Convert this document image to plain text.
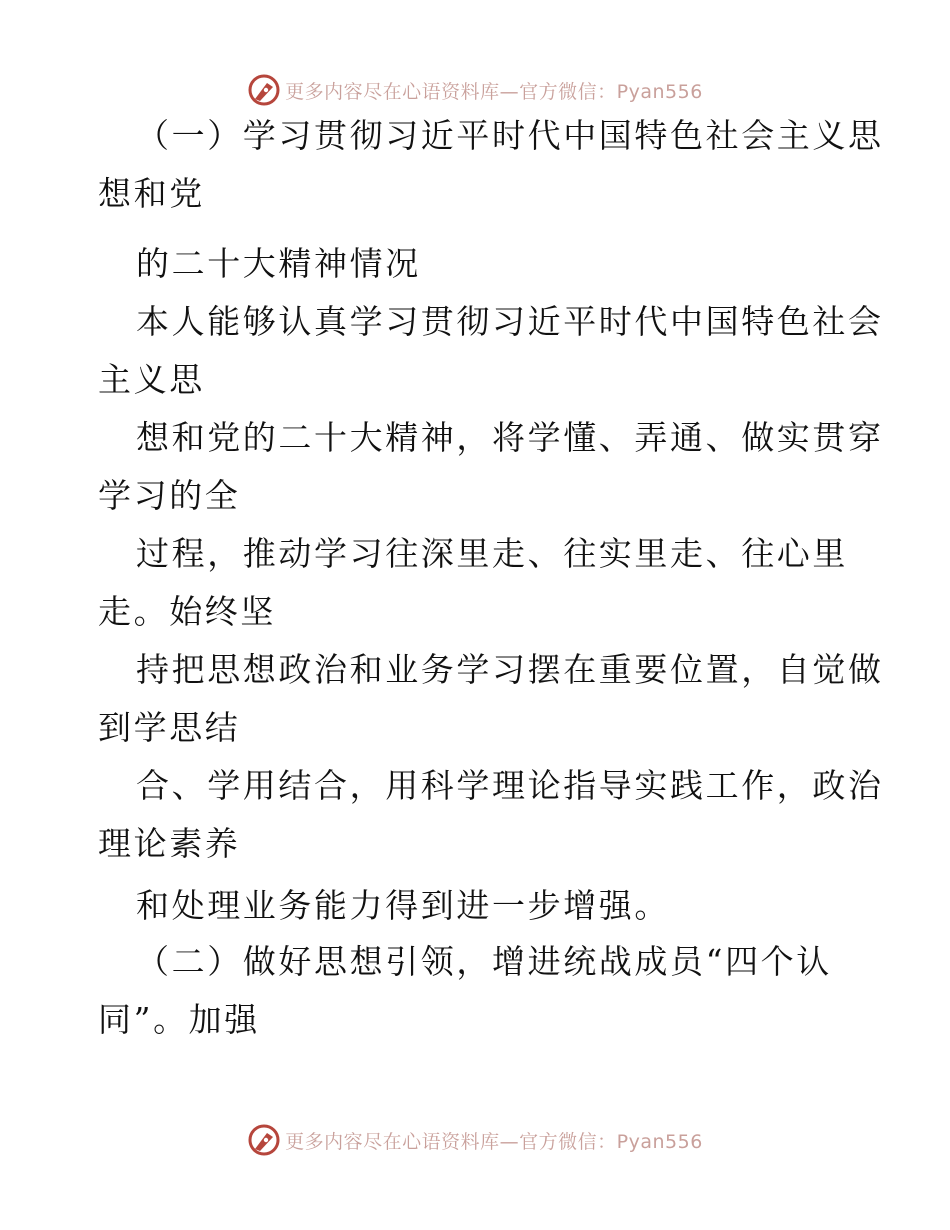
更多内容尽在心语资料库—官方微信：Pyan556
（一）学习贯彻习近平时代中国特色社会主义思
想和党
的二十大精神情况
本人能够认真学习贯彻习近平时代中国特色社会
主义思
想和党的二十大精神，将学懂、弄通、做实贯穿
学习的全
过程，推动学习往深里走、往实里走、往心里
走。始终坚
持把思想政治和业务学习摆在重要位置，自觉做
到学思结
合、学用结合，用科学理论指导实践工作，政治
理论素养
和处理业务能力得到进一步增强。
（二）做好思想引领，增进统战成员“四个认
同”。加强
更多内容尽在心语资料库—官方微信：Pyan556
